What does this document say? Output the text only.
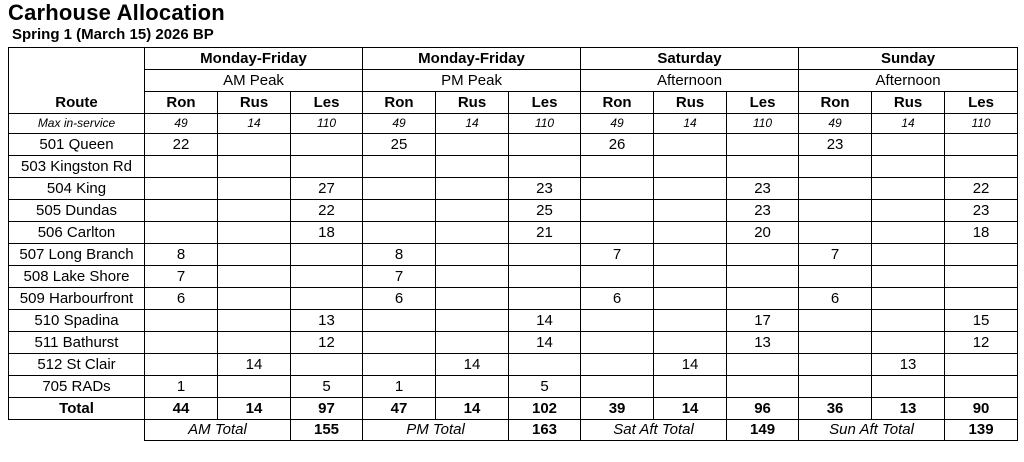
Carhouse Allocation
Spring 1 (March 15) 2026 BP
Route	Monday-Friday			Monday-Friday			Saturday			Sunday		
	AM Peak			PM Peak			Afternoon			Afternoon		
	Ron	Rus	Les	Ron	Rus	Les	Ron	Rus	Les	Ron	Rus	Les
Max in-service	49	14	110	49	14	110	49	14	110	49	14	110
501 Queen	22			25			26			23		
503 Kingston Rd												
504 King			27			23			23			22
505 Dundas			22			25			23			23
506 Carlton			18			21			20			18
507 Long Branch	8			8			7			7		
508 Lake Shore	7			7								
509 Harbourfront	6			6			6			6		
510 Spadina			13			14			17			15
511 Bathurst			12			14			13			12
512 St Clair		14			14			14			13	
705 RADs	1		5	1		5						
Total	44	14	97	47	14	102	39	14	96	36	13	90
	AM Total		155	PM Total		163	Sat Aft Total		149	Sun Aft Total		139
